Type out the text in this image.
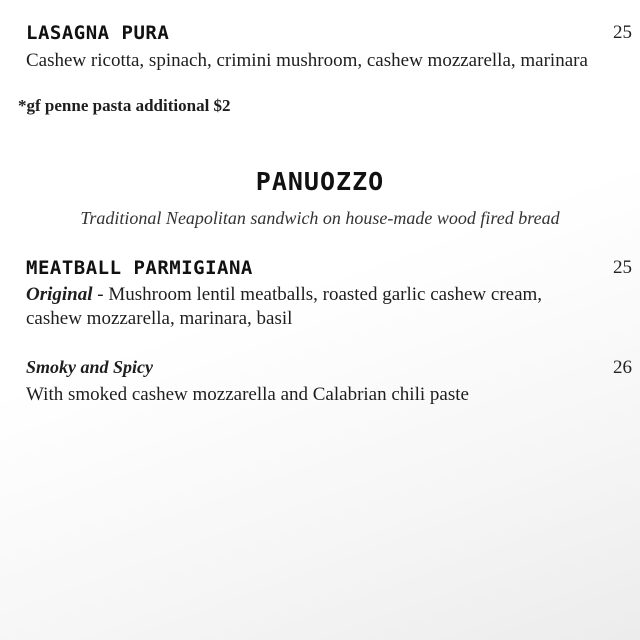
LASAGNA PURA	25
Cashew ricotta, spinach, crimini mushroom, cashew mozzarella, marinara
*gf penne pasta additional $2
PANUOZZO
Traditional Neapolitan sandwich on house-made wood fired bread
MEATBALL PARMIGIANA	25
Original - Mushroom lentil meatballs, roasted garlic cashew cream,
cashew mozzarella, marinara, basil
Smoky and Spicy	26
With smoked cashew mozzarella and Calabrian chili paste
